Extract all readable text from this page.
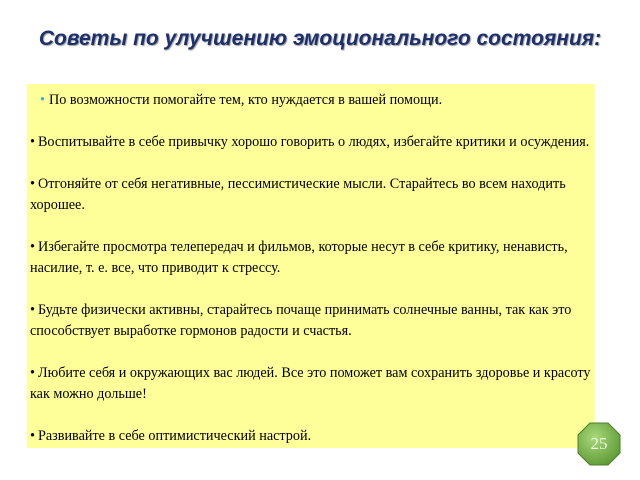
Советы по улучшению эмоционального состояния:

• По возможности помогайте тем, кто нуждается в вашей помощи.

• Воспитывайте в себе привычку хорошо говорить о людях, избегайте критики и осуждения.

• Отгоняйте от себя негативные, пессимистические мысли. Старайтесь во всем находить хорошее.

• Избегайте просмотра телепередач и фильмов, которые несут в себе критику, ненависть, насилие, т. е. все, что приводит к стрессу.

• Будьте физически активны, старайтесь почаще принимать солнечные ванны, так как это способствует выработке гормонов радости и счастья.

• Любите себя и окружающих вас людей. Все это поможет вам сохранить здоровье и красоту как можно дольше!

• Развивайте в себе оптимистический настрой.	25
